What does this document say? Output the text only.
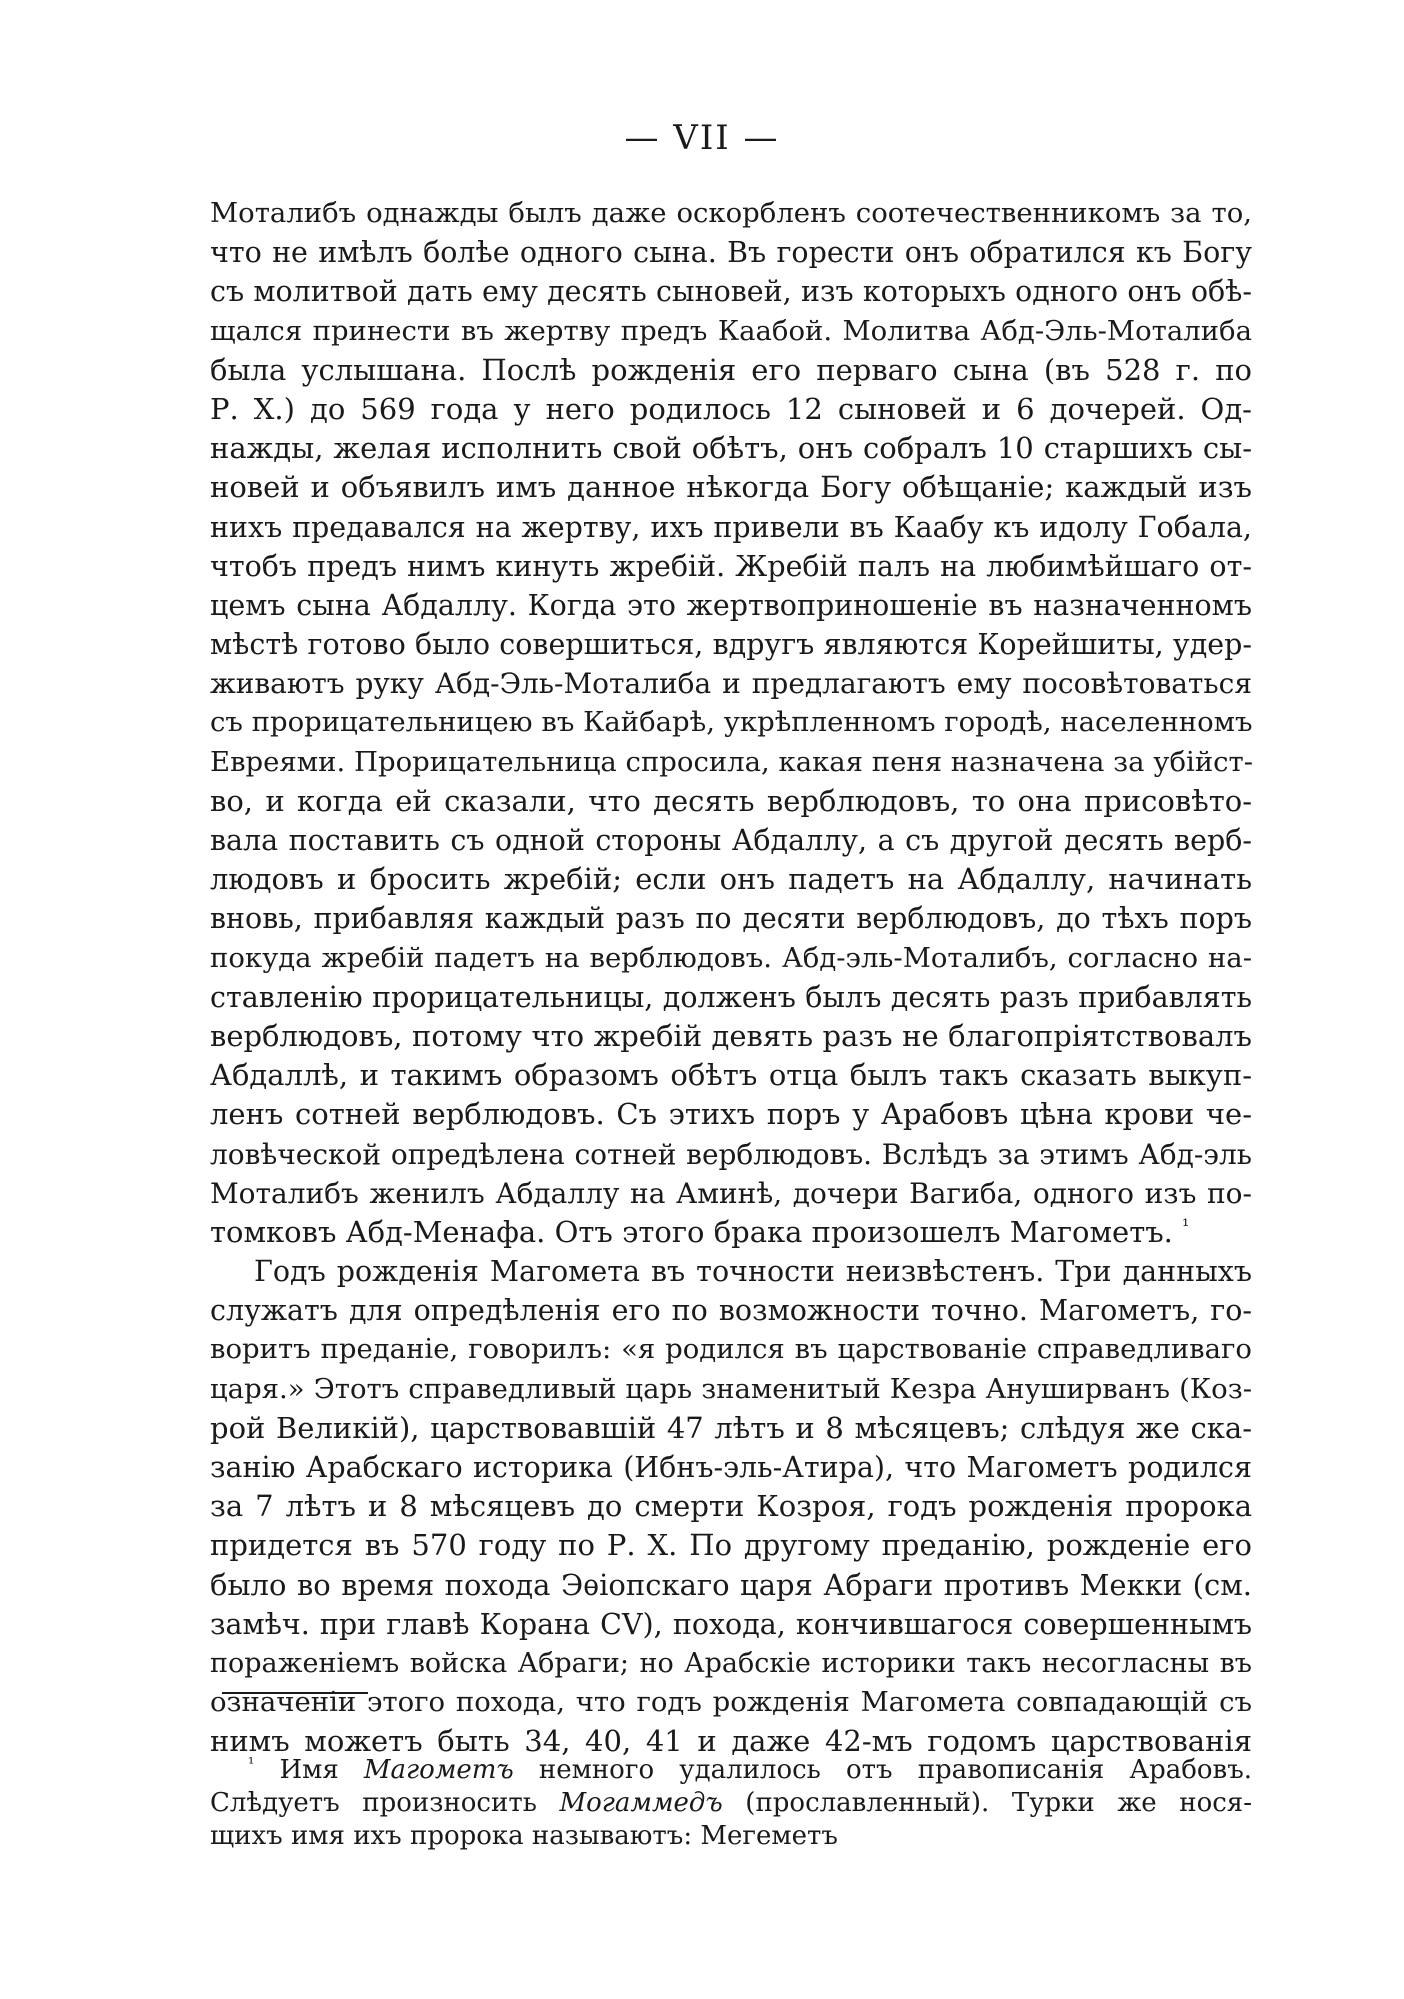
— VII —
Моталибъ однажды былъ даже оскорбленъ соотечественникомъ за то,
что не имѣлъ болѣе одного сына. Въ горести онъ обратился къ Богу
съ молитвой дать ему десять сыновей, изъ которыхъ одного онъ обѣ-
щался принести въ жертву предъ Каабой. Молитва Абд-Эль-Моталиба
была услышана. Послѣ рожденія его перваго сына (въ 528 г. по
Р. X.) до 569 года у него родилось 12 сыновей и 6 дочерей. Од-
нажды, желая исполнить свой обѣтъ, онъ собралъ 10 старшихъ сы-
новей и объявилъ имъ данное нѣкогда Богу обѣщаніе; каждый изъ
нихъ предавался на жертву, ихъ привели въ Каабу къ идолу Гобала,
чтобъ предъ нимъ кинуть жребій. Жребій палъ на любимѣйшаго от-
цемъ сына Абдаллу. Когда это жертвоприношеніе въ назначенномъ
мѣстѣ готово было совершиться, вдругъ являются Корейшиты, удер-
живаютъ руку Абд-Эль-Моталиба и предлагаютъ ему посовѣтоваться
съ прорицательницею въ Кайбарѣ, укрѣпленномъ городѣ, населенномъ
Евреями. Прорицательница спросила, какая пеня назначена за убійст-
во, и когда ей сказали, что десять верблюдовъ, то она присовѣто-
вала поставить съ одной стороны Абдаллу, а съ другой десять верб-
людовъ и бросить жребій; если онъ падетъ на Абдаллу, начинать
вновь, прибавляя каждый разъ по десяти верблюдовъ, до тѣхъ поръ
покуда жребій падетъ на верблюдовъ. Абд-эль-Моталибъ, согласно на-
ставленію прорицательницы, долженъ былъ десять разъ прибавлять
верблюдовъ, потому что жребій девять разъ не благопріятствовалъ
Абдаллѣ, и такимъ образомъ обѣтъ отца былъ такъ сказать выкуп-
ленъ сотней верблюдовъ. Съ этихъ поръ у Арабовъ цѣна крови че-
ловѣческой опредѣлена сотней верблюдовъ. Вслѣдъ за этимъ Абд-эль
Моталибъ женилъ Абдаллу на Аминѣ, дочери Вагиба, одного изъ по-
томковъ Абд-Менафа. Отъ этого брака произошелъ Магометъ. $^{^1}$
Годъ рожденія Магомета въ точности неизвѣстенъ. Три данныхъ
служатъ для опредѣленія его по возможности точно. Магометъ, го-
воритъ преданіе, говорилъ: «я родился въ царствованіе справедливаго
царя.» Этотъ справедливый царь знаменитый Кезра Ануширванъ (Коз-
рой Великій), царствовавшій 47 лѣтъ и 8 мѣсяцевъ; слѣдуя же ска-
занію Арабскаго историка (Ибнъ-эль-Атира), что Магометъ родился
за 7 лѣтъ и 8 мѣсяцевъ до смерти Козроя, годъ рожденія пророка
придется въ 570 году по Р. X. По другому преданію, рожденіе его
было во время похода Эѳіопскаго царя Абраги противъ Мекки (см.
замѣч. при главѣ Корана CV), похода, кончившагося совершеннымъ
пораженіемъ войска Абраги; но Арабскіе историки такъ несогласны въ
означеніи этого похода, что годъ рожденія Магомета совпадающій съ
нимъ можетъ быть 34, 40, 41 и даже 42-мъ годомъ царствованія
$^{^1}$ Имя Магометъ немного удалилось отъ правописанія Арабовъ.
Слѣдуетъ произносить Могаммедъ (прославленный). Турки же нося-
щихъ имя ихъ пророка называютъ: Мегеметъ
